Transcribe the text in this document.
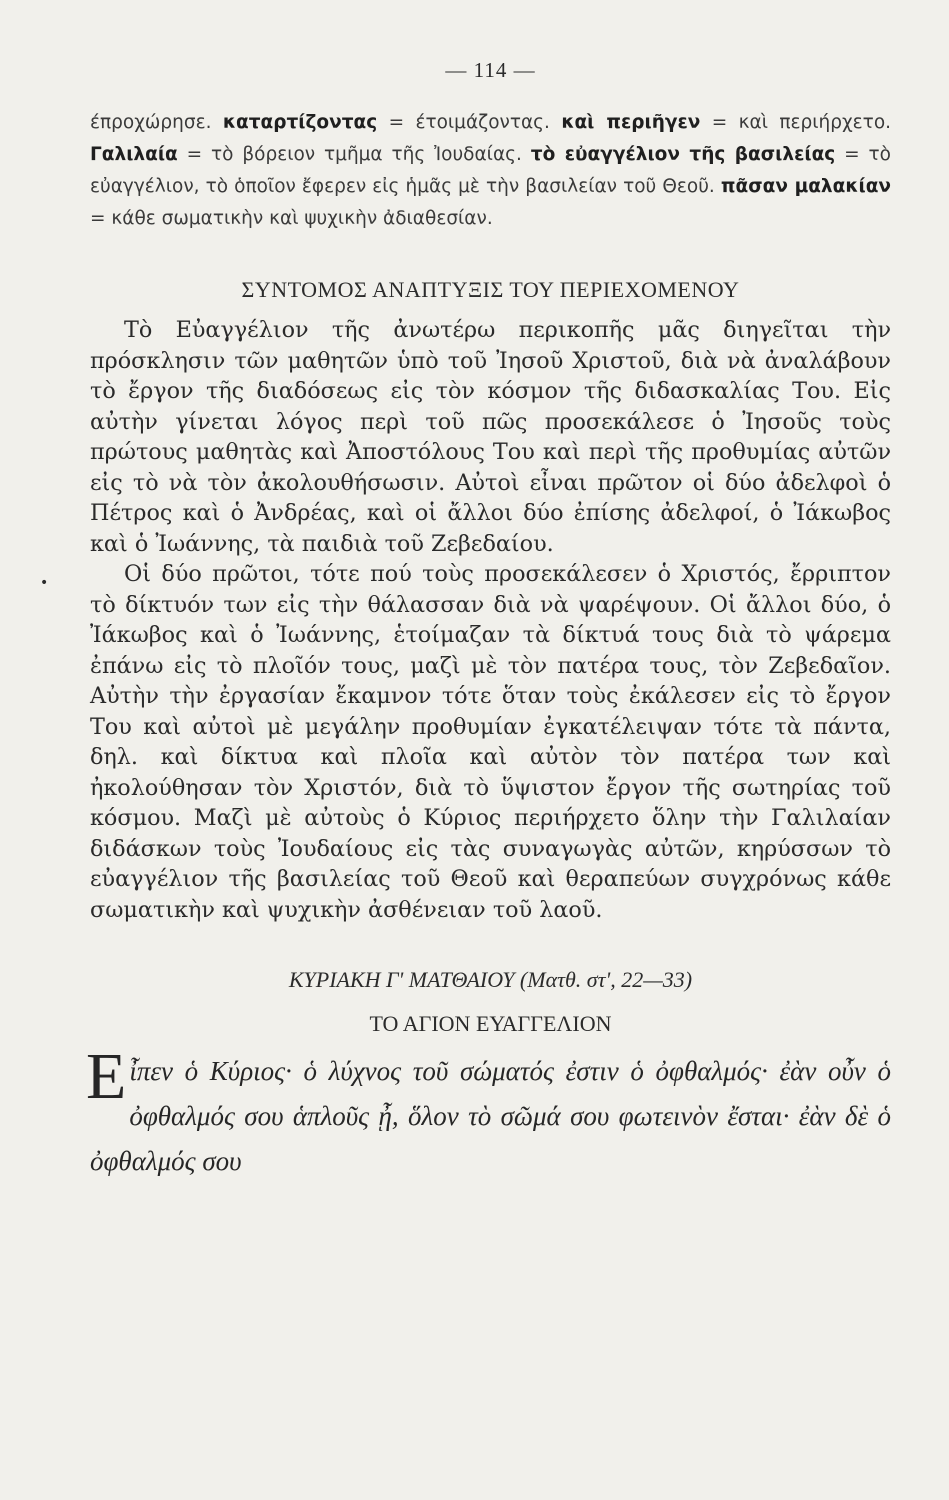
— 114 —

έπροχώρησε. καταρτίζοντας = έτοιμάζοντας. καὶ περιῆγεν = καὶ περιήρχετο. Γαλιλαία = τὸ βόρειον τμῆμα τῆς Ἰουδαίας. τὸ εὐαγγέλιον τῆς βασιλείας = τὸ εὐαγγέλιον, τὸ ὁποῖον ἔφερεν εἰς ἡμᾶς μὲ τὴν βασιλείαν τοῦ Θεοῦ. πᾶσαν μαλακίαν = κάθε σωματικὴν καὶ ψυχικὴν ἀδιαθεσίαν.

ΣΥΝΤΟΜΟΣ ΑΝΑΠΤΥΞΙΣ ΤΟΥ ΠΕΡΙΕΧΟΜΕΝΟΥ

Τὸ Εὐαγγέλιον τῆς ἀνωτέρω περικοπῆς μᾶς διηγεῖται τὴν πρόσκλησιν τῶν μαθητῶν ὑπὸ τοῦ Ἰησοῦ Χριστοῦ, διὰ νὰ ἀναλάβουν τὸ ἔργον τῆς διαδόσεως εἰς τὸν κόσμον τῆς διδασκαλίας Του. Εἰς αὐτὴν γίνεται λόγος περὶ τοῦ πῶς προσεκάλεσε ὁ Ἰησοῦς τοὺς πρώτους μαθητὰς καὶ Ἀποστόλους Του καὶ περὶ τῆς προθυμίας αὐτῶν εἰς τὸ νὰ τὸν ἀκολουθήσωσιν. Αὐτοὶ εἶναι πρῶτον οἱ δύο ἀδελφοὶ ὁ Πέτρος καὶ ὁ Ἀνδρέας, καὶ οἱ ἄλλοι δύο ἐπίσης ἀδελφοί, ὁ Ἰάκωβος καὶ ὁ Ἰωάννης, τὰ παιδιὰ τοῦ Ζεβεδαίου.

Οἱ δύο πρῶτοι, τότε πού τοὺς προσεκάλεσεν ὁ Χριστός, ἔρριπτον τὸ δίκτυόν των εἰς τὴν θάλασσαν διὰ νὰ ψαρέψουν. Οἱ ἄλλοι δύο, ὁ Ἰάκωβος καὶ ὁ Ἰωάννης, ἑτοίμαζαν τὰ δίκτυά τους διὰ τὸ ψάρεμα ἐπάνω εἰς τὸ πλοῖόν τους, μαζὶ μὲ τὸν πατέρα τους, τὸν Ζεβεδαῖον. Αὐτὴν τὴν ἐργασίαν ἔκαμνον τότε ὅταν τοὺς ἐκάλεσεν εἰς τὸ ἔργον Του καὶ αὐτοὶ μὲ μεγάλην προθυμίαν ἐγκατέλειψαν τότε τὰ πάντα, δηλ. καὶ δίκτυα καὶ πλοῖα καὶ αὐτὸν τὸν πατέρα των καὶ ἠκολούθησαν τὸν Χριστόν, διὰ τὸ ὕψιστον ἔργον τῆς σωτηρίας τοῦ κόσμου. Μαζὶ μὲ αὐτοὺς ὁ Κύριος περιήρχετο ὅλην τὴν Γαλιλαίαν διδάσκων τοὺς Ἰουδαίους εἰς τὰς συναγωγὰς αὐτῶν, κηρύσσων τὸ εὐαγγέλιον τῆς βασιλείας τοῦ Θεοῦ καὶ θεραπεύων συγχρόνως κάθε σωματικὴν καὶ ψυχικὴν ἀσθένειαν τοῦ λαοῦ.

ΚΥΡΙΑΚΗ Γ' ΜΑΤΘΑΙΟΥ (Ματθ. στ', 22—33)
ΤΟ ΑΓΙΟΝ ΕΥΑΓΓΕΛΙΟΝ

Εἶπεν ὁ Κύριος· ὁ λύχνος τοῦ σώματός ἐστιν ὁ ὀφθαλμός· ἐὰν οὖν ὁ ὀφθαλμός σου ἁπλοῦς ᾖ, ὅλον τὸ σῶμά σου φωτεινὸν ἔσται· ἐὰν δὲ ὁ ὀφθαλμός σου

•
